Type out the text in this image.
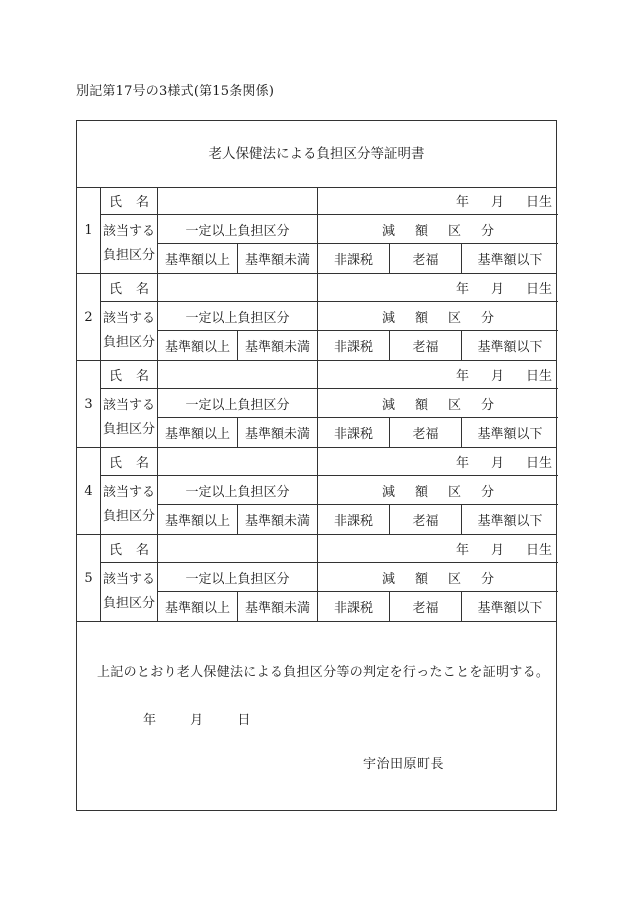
別記第17号の3様式(第15条関係)
老人保健法による負担区分等証明書
1
氏名	年 月 日生
該当する
負担区分
一定以上負担区分	減 額 区 分
基準額以上	基準額未満	非課税	老福	基準額以下
2
氏名	年 月 日生
該当する
負担区分
一定以上負担区分	減 額 区 分
基準額以上	基準額未満	非課税	老福	基準額以下
3
氏名	年 月 日生
該当する
負担区分
一定以上負担区分	減 額 区 分
基準額以上	基準額未満	非課税	老福	基準額以下
4
氏名	年 月 日生
該当する
負担区分
一定以上負担区分	減 額 区 分
基準額以上	基準額未満	非課税	老福	基準額以下
5
氏名	年 月 日生
該当する
負担区分
一定以上負担区分	減 額 区 分
基準額以上	基準額未満	非課税	老福	基準額以下
上記のとおり老人保健法による負担区分等の判定を行ったことを証明する。
年	月	日
宇治田原町長
